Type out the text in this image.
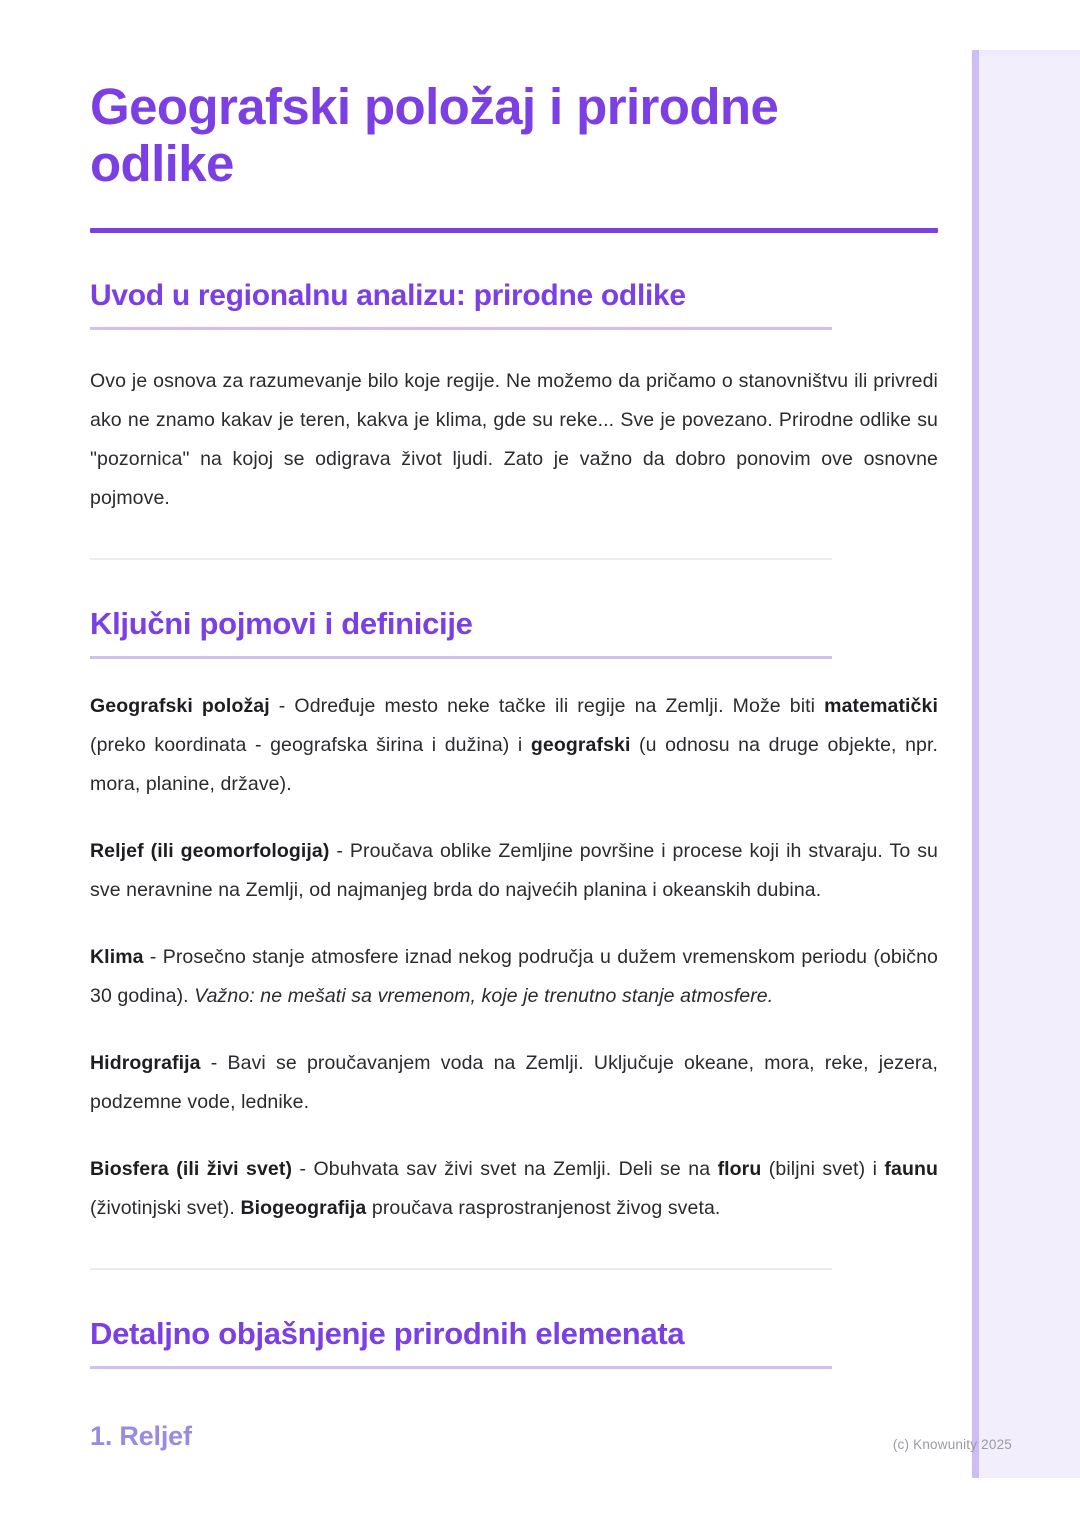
Geografski položaj i prirodne odlike
Uvod u regionalnu analizu: prirodne odlike

Ovo je osnova za razumevanje bilo koje regije. Ne možemo da pričamo o stanovništvu ili privredi ako ne znamo kakav je teren, kakva je klima, gde su reke... Sve je povezano. Prirodne odlike su "pozornica" na kojoj se odigrava život ljudi. Zato je važno da dobro ponovim ove osnovne pojmove.

Ključni pojmovi i definicije

Geografski položaj - Određuje mesto neke tačke ili regije na Zemlji. Može biti matematički (preko koordinata - geografska širina i dužina) i geografski (u odnosu na druge objekte, npr. mora, planine, države).

Reljef (ili geomorfologija) - Proučava oblike Zemljine površine i procese koji ih stvaraju. To su sve neravnine na Zemlji, od najmanjeg brda do najvećih planina i okeanskih dubina.

Klima - Prosečno stanje atmosfere iznad nekog područja u dužem vremenskom periodu (obično 30 godina). Važno: ne mešati sa vremenom, koje je trenutno stanje atmosfere.

Hidrografija - Bavi se proučavanjem voda na Zemlji. Uključuje okeane, mora, reke, jezera, podzemne vode, lednike.

Biosfera (ili živi svet) - Obuhvata sav živi svet na Zemlji. Deli se na floru (biljni svet) i faunu (životinjski svet). Biogeografija proučava rasprostranjenost živog sveta.

Detaljno objašnjenje prirodnih elemenata
1. Reljef	(c) Knowunity 2025
